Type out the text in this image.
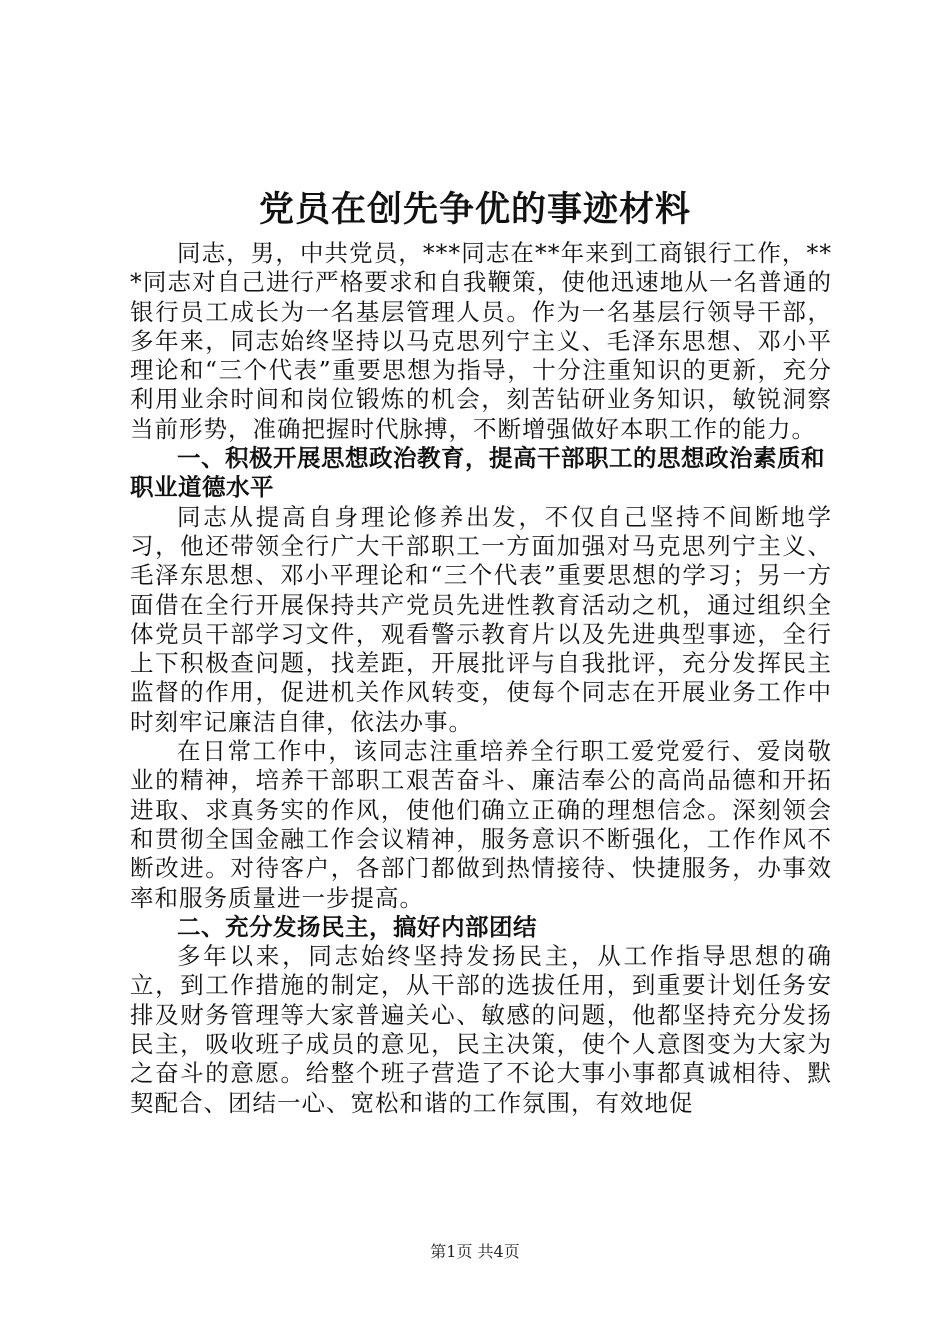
党员在创先争优的事迹材料

同志，男，中共党员，***同志在**年来到工商银行工作，***同志对自己进行严格要求和自我鞭策，使他迅速地从一名普通的银行员工成长为一名基层管理人员。作为一名基层行领导干部，多年来，同志始终坚持以马克思列宁主义、毛泽东思想、邓小平理论和“三个代表”重要思想为指导，十分注重知识的更新，充分利用业余时间和岗位锻炼的机会，刻苦钻研业务知识，敏锐洞察当前形势，准确把握时代脉搏，不断增强做好本职工作的能力。

一、积极开展思想政治教育，提高干部职工的思想政治素质和职业道德水平

同志从提高自身理论修养出发，不仅自己坚持不间断地学习，他还带领全行广大干部职工一方面加强对马克思列宁主义、毛泽东思想、邓小平理论和“三个代表”重要思想的学习；另一方面借在全行开展保持共产党员先进性教育活动之机，通过组织全体党员干部学习文件，观看警示教育片以及先进典型事迹，全行上下积极查问题，找差距，开展批评与自我批评，充分发挥民主监督的作用，促进机关作风转变，使每个同志在开展业务工作中时刻牢记廉洁自律，依法办事。

在日常工作中，该同志注重培养全行职工爱党爱行、爱岗敬业的精神，培养干部职工艰苦奋斗、廉洁奉公的高尚品德和开拓进取、求真务实的作风，使他们确立正确的理想信念。深刻领会和贯彻全国金融工作会议精神，服务意识不断强化，工作作风不断改进。对待客户，各部门都做到热情接待、快捷服务，办事效率和服务质量进一步提高。

二、充分发扬民主，搞好内部团结

多年以来，同志始终坚持发扬民主，从工作指导思想的确立，到工作措施的制定，从干部的选拔任用，到重要计划任务安排及财务管理等大家普遍关心、敏感的问题，他都坚持充分发扬民主，吸收班子成员的意见，民主决策，使个人意图变为大家为之奋斗的意愿。给整个班子营造了不论大事小事都真诚相待、默契配合、团结一心、宽松和谐的工作氛围，有效地促

第1页 共4页
